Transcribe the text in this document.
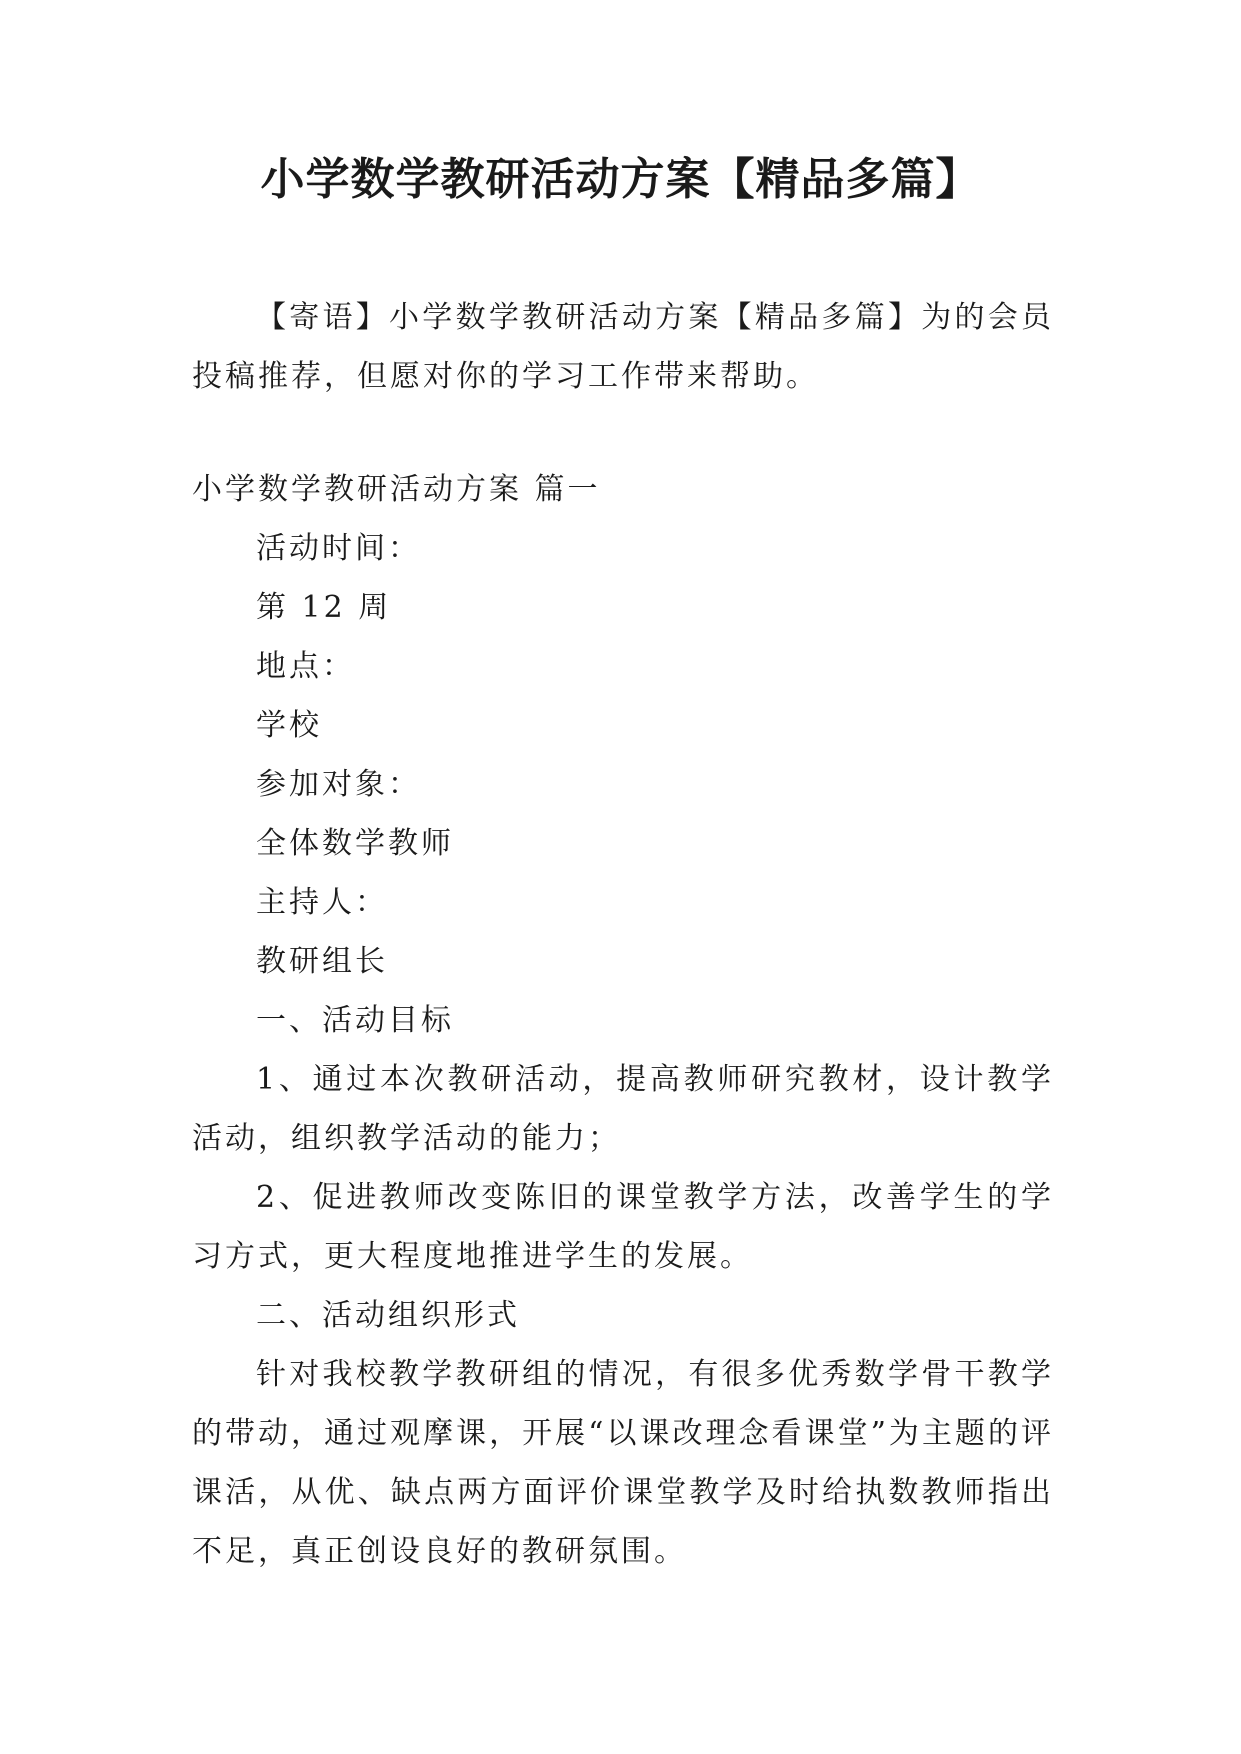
小学数学教研活动方案【精品多篇】

【寄语】小学数学教研活动方案【精品多篇】为的会员投稿推荐，但愿对你的学习工作带来帮助。

小学数学教研活动方案 篇一

活动时间：

第 12 周

地点：

学校

参加对象：

全体数学教师

主持人：

教研组长

一、活动目标

1、通过本次教研活动，提高教师研究教材，设计教学活动，组织教学活动的能力；

2、促进教师改变陈旧的课堂教学方法，改善学生的学习方式，更大程度地推进学生的发展。

二、活动组织形式

针对我校教学教研组的情况，有很多优秀数学骨干教学的带动，通过观摩课，开展“以课改理念看课堂”为主题的评课活，从优、缺点两方面评价课堂教学及时给执数教师指出不足，真正创设良好的教研氛围。
